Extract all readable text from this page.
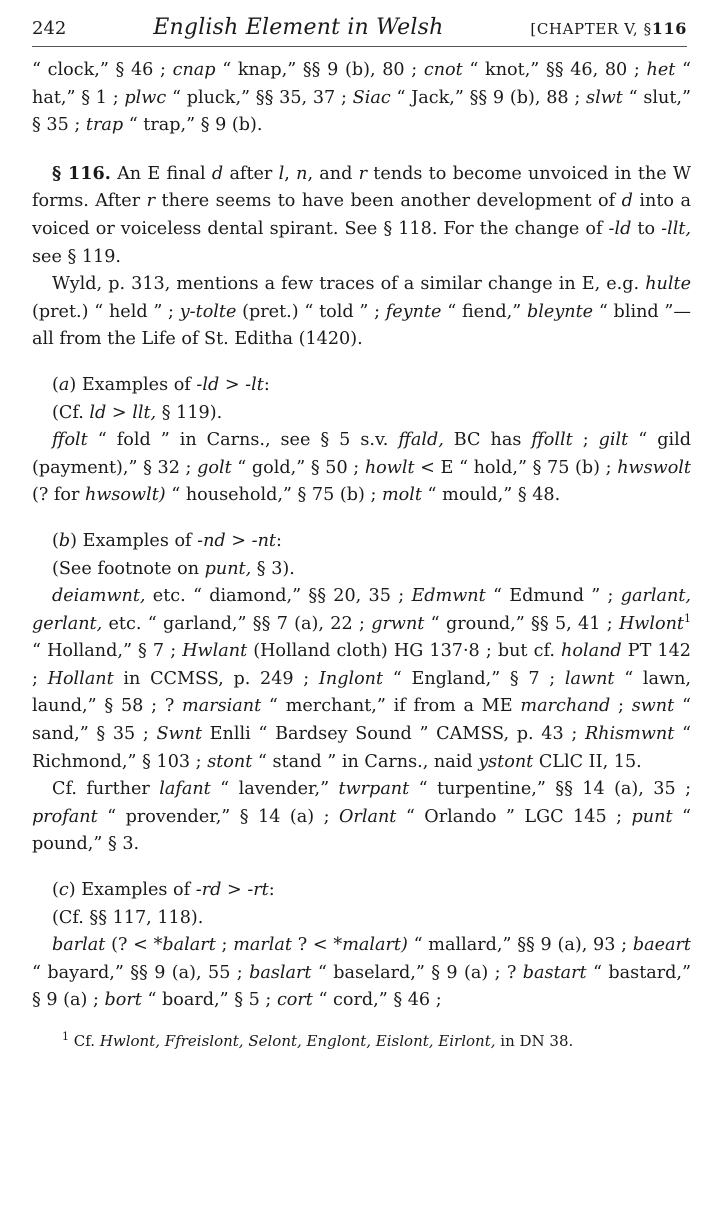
242	English Element in Welsh	[CHAPTER V, §116

“ clock,” § 46 ; cnap “ knap,” §§ 9 (b), 80 ; cnot “ knot,” §§ 46, 80 ; het “ hat,” § 1 ; plwc “ pluck,” §§ 35, 37 ; Siac “ Jack,” §§ 9 (b), 88 ; slwt “ slut,” § 35 ; trap “ trap,” § 9 (b).

§ 116. An E final d after l, n, and r tends to become unvoiced in the W forms. After r there seems to have been another development of d into a voiced or voiceless dental spirant. See § 118. For the change of -ld to -llt, see § 119.

Wyld, p. 313, mentions a few traces of a similar change in E, e.g. hulte (pret.) “ held ” ; y-tolte (pret.) “ told ” ; feynte “ fiend,” bleynte “ blind ”—all from the Life of St. Editha (1420).

(a) Examples of -ld > -lt:

(Cf. ld > llt, § 119).

ffolt “ fold ” in Carns., see § 5 s.v. ffald, BC has ffollt ; gilt “ gild (payment),” § 32 ; golt “ gold,” § 50 ; howlt < E “ hold,” § 75 (b) ; hwswolt (? for hwsowlt) “ household,” § 75 (b) ; molt “ mould,” § 48.

(b) Examples of -nd > -nt:

(See footnote on punt, § 3).

deiamwnt, etc. “ diamond,” §§ 20, 35 ; Edmwnt “ Edmund ” ; garlant, gerlant, etc. “ garland,” §§ 7 (a), 22 ; grwnt “ ground,” §§ 5, 41 ; Hwlont$^1$ “ Holland,” § 7 ; Hwlant (Holland cloth) HG 137·8 ; but cf. holand PT 142 ; Hollant in CCMSS, p. 249 ; Inglont “ England,” § 7 ; lawnt “ lawn, laund,” § 58 ; ? marsiant “ merchant,” if from a ME marchand ; swnt “ sand,” § 35 ; Swnt Enlli “ Bardsey Sound ” CAMSS, p. 43 ; Rhismwnt “ Richmond,” § 103 ; stont “ stand ” in Carns., naid ystont CLlC II, 15.

Cf. further lafant “ lavender,” twrpant “ turpentine,” §§ 14 (a), 35 ; profant “ provender,” § 14 (a) ; Orlant “ Orlando ” LGC 145 ; punt “ pound,” § 3.

(c) Examples of -rd > -rt:

(Cf. §§ 117, 118).

barlat (? < *balart ; marlat ? < *malart) “ mallard,” §§ 9 (a), 93 ; baeart “ bayard,” §§ 9 (a), 55 ; baslart “ baselard,” § 9 (a) ; ? bastart “ bastard,” § 9 (a) ; bort “ board,” § 5 ; cort “ cord,” § 46 ;

$^1$ Cf. Hwlont, Ffreislont, Selont, Englont, Eislont, Eirlont, in DN 38.
